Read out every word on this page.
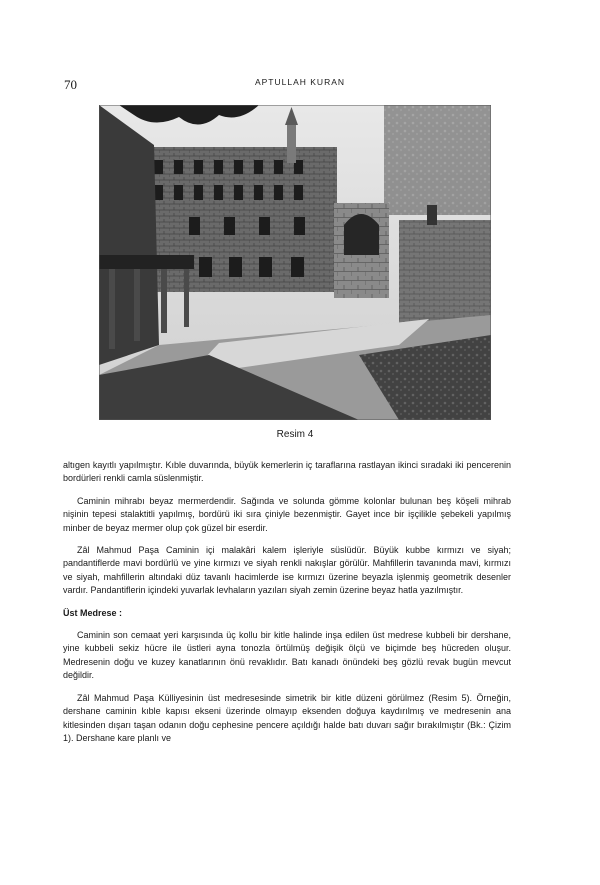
70	APTULLAH KURAN
Resim 4

altıgen kayıtlı yapılmıştır. Kıble duvarında, büyük kemerlerin iç taraflarına rastlayan ikinci sıradaki iki pencerenin bordürleri renkli camla süslenmiştir.

Caminin mihrabı beyaz mermerdendir. Sağında ve solunda gömme kolonlar bulunan beş köşeli mihrab nişinin tepesi stalaktitli yapılmış, bordürü iki sıra çiniyle bezenmiştir. Gayet ince bir işçilikle şebekeli yapılmış minber de beyaz mermer olup çok güzel bir eserdir.

Zâl Mahmud Paşa Caminin içi malakâri kalem işleriyle süslüdür. Büyük kubbe kırmızı ve siyah; pandantiflerde mavi bordürlü ve yine kırmızı ve siyah renkli nakışlar görülür. Mahfillerin tavanında mavi, kırmızı ve siyah, mahfillerin altındaki düz tavanlı hacimlerde ise kırmızı üzerine beyazla işlenmiş geometrik desenler vardır. Pandantiflerin içindeki yuvarlak levhaların yazıları siyah zemin üzerine beyaz hatla yazılmıştır.

Üst Medrese :

Caminin son cemaat yeri karşısında üç kollu bir kitle halinde inşa edilen üst medrese kubbeli bir dershane, yine kubbeli sekiz hücre ile üstleri ayna tonozla örtülmüş değişik ölçü ve biçimde beş hücreden oluşur. Medresenin doğu ve kuzey kanatlarının önü revaklıdır. Batı kanadı önündeki beş gözlü revak bugün mevcut değildir.

Zâl Mahmud Paşa Külliyesinin üst medresesinde simetrik bir kitle düzeni görülmez (Resim 5). Örneğin, dershane caminin kıble kapısı ekseni üzerinde olmayıp eksenden doğuya kaydırılmış ve medresenin ana kitlesinden dışarı taşan odanın doğu cephesine pencere açıldığı halde batı duvarı sağır bırakılmıştır (Bk.: Çizim 1). Dershane kare planlı ve
